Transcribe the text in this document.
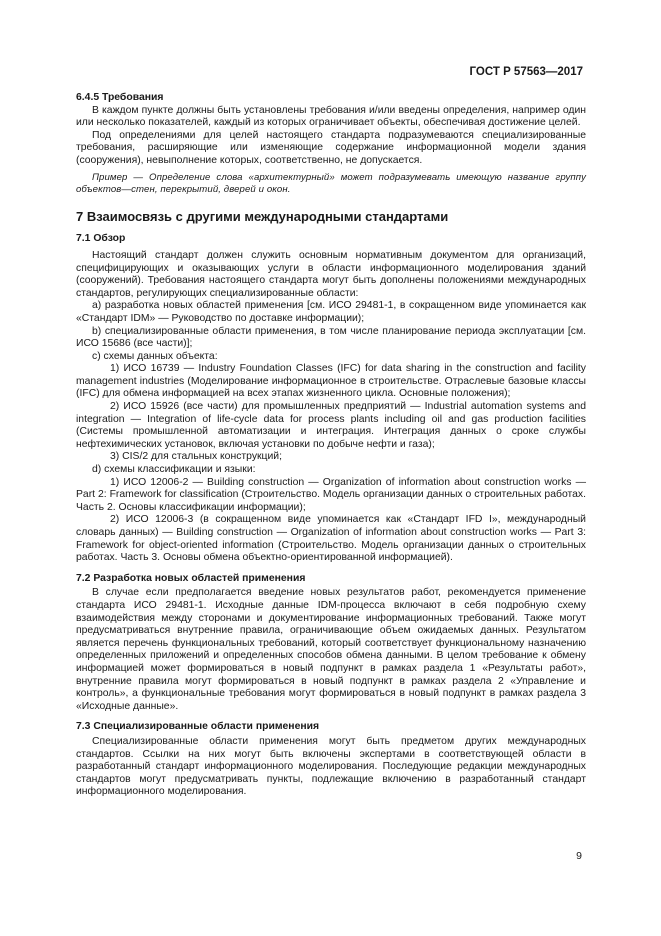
ГОСТ Р 57563—2017
6.4.5 Требования

В каждом пункте должны быть установлены требования и/или введены определения, например один или несколько показателей, каждый из которых ограничивает объекты, обеспечивая достижение целей.

Под определениями для целей настоящего стандарта подразумеваются специализированные требования, расширяющие или изменяющие содержание информационной модели здания (сооружения), невыполнение которых, соответственно, не допускается.

Пример — Определение слова «архитектурный» может подразумевать имеющую название группу объектов—стен, перекрытий, дверей и окон.

7 Взаимосвязь с другими международными стандартами
7.1 Обзор

Настоящий стандарт должен служить основным нормативным документом для организаций, специфицирующих и оказывающих услуги в области информационного моделирования зданий (сооружений). Требования настоящего стандарта могут быть дополнены положениями международных стандартов, регулирующих специализированные области:

a) разработка новых областей применения [см. ИСО 29481-1, в сокращенном виде упоминается как «Стандарт IDM» — Руководство по доставке информации);

b) специализированные области применения, в том числе планирование периода эксплуатации [см. ИСО 15686 (все части)];

c) схемы данных объекта:

1) ИСО 16739 — Industry Foundation Classes (IFC) for data sharing in the construction and facility management industries (Моделирование информационное в строительстве. Отраслевые базовые классы (IFC) для обмена информацией на всех этапах жизненного цикла. Основные положения);

2) ИСО 15926 (все части) для промышленных предприятий — Industrial automation systems and integration — Integration of life-cycle data for process plants including oil and gas production facilities (Системы промышленной автоматизации и интеграция. Интеграция данных о сроке службы нефтехимических установок, включая установки по добыче нефти и газа);

3) CIS/2 для стальных конструкций;

d) схемы классификации и языки:

1) ИСО 12006-2 — Building construction — Organization of information about construction works — Part 2: Framework for classification (Строительство. Модель организации данных о строительных работах. Часть 2. Основы классификации информации);

2) ИСО 12006-3 (в сокращенном виде упоминается как «Стандарт IFD I», международный словарь данных) — Building construction — Organization of information about construction works — Part 3: Framework for object-oriented information (Строительство. Модель организации данных о строительных работах. Часть 3. Основы обмена объектно-ориентированной информацией).

7.2 Разработка новых областей применения

В случае если предполагается введение новых результатов работ, рекомендуется применение стандарта ИСО 29481-1. Исходные данные IDM-процесса включают в себя подробную схему взаимодействия между сторонами и документирование информационных требований. Также могут предусматриваться внутренние правила, ограничивающие объем ожидаемых данных. Результатом является перечень функциональных требований, который соответствует функциональному назначению определенных приложений и определенных способов обмена данными. В целом требование к обмену информацией может формироваться в новый подпункт в рамках раздела 1 «Результаты работ», внутренние правила могут формироваться в новый подпункт в рамках раздела 2 «Управление и контроль», а функциональные требования могут формироваться в новый подпункт в рамках раздела 3 «Исходные данные».

7.3 Специализированные области применения

Специализированные области применения могут быть предметом других международных стандартов. Ссылки на них могут быть включены экспертами в соответствующей области в разработанный стандарт информационного моделирования. Последующие редакции международных стандартов могут предусматривать пункты, подлежащие включению в разработанный стандарт информационного моделирования.

9
